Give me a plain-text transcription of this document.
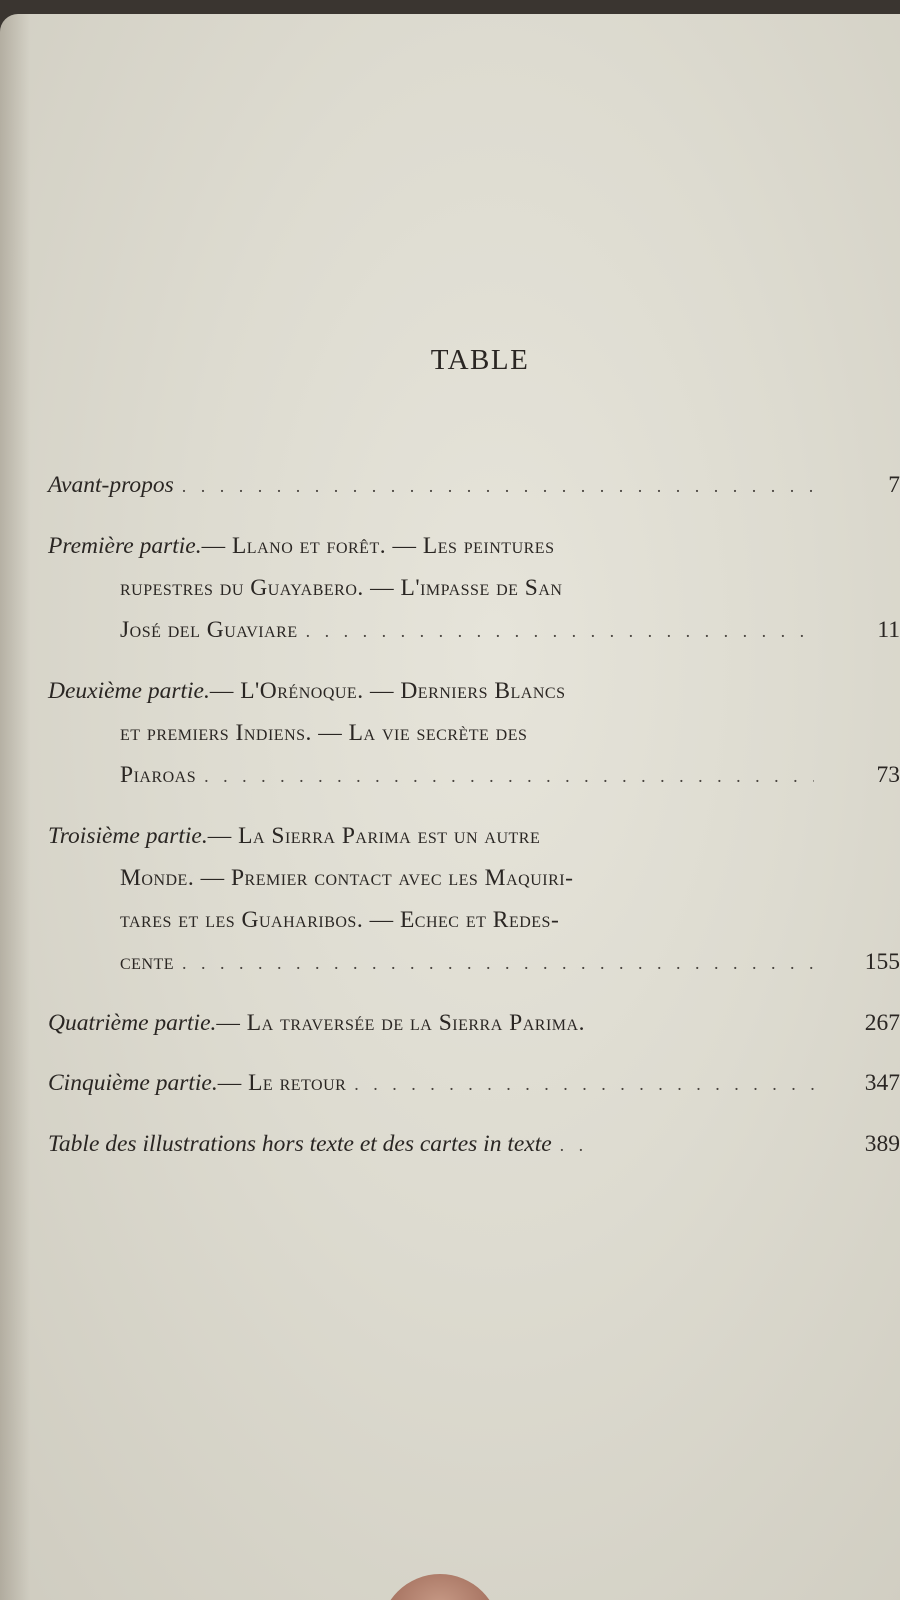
TABLE
Avant-propos . . .	7
Première partie. — Llano et forêt. — Les peintures
rupestres du Guayabero. — L'impasse de San
José del Guaviare . . .	11
Deuxième partie. — L'Orénoque. — Derniers Blancs
et premiers Indiens. — La vie secrète des
Piaroas . . .	73
Troisième partie. — La Sierra Parima est un autre
Monde. — Premier contact avec les Maquiri-
tares et les Guaharibos. — Echec et Redes-
cente . . .	155
Quatrième partie. — La traversée de la Sierra Parima.	267
Cinquième partie. — Le retour . . .	347
Table des illustrations hors texte et des cartes in texte . . .	389
